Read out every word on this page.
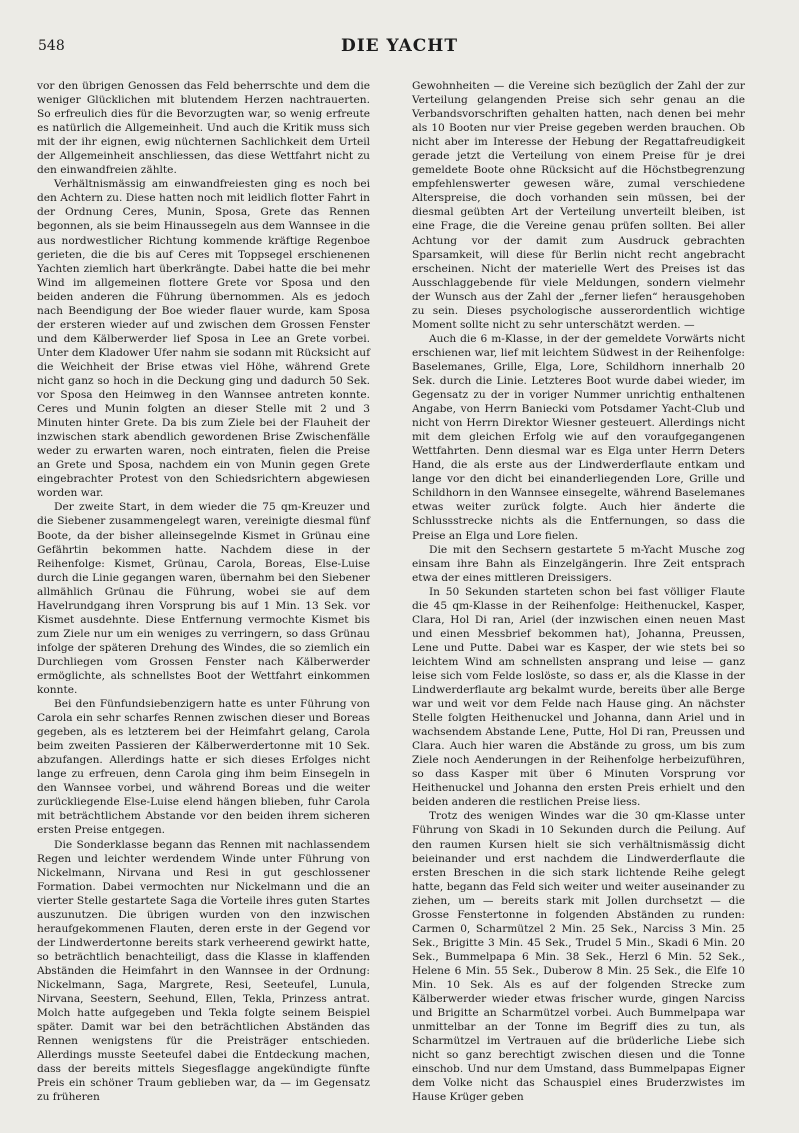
548	DIE YACHT

vor den übrigen Genossen das Feld beherrschte und dem die weniger Glücklichen mit blutendem Herzen nachtrauerten. So erfreulich dies für die Bevorzugten war, so wenig erfreute es natürlich die Allgemeinheit. Und auch die Kritik muss sich mit der ihr eignen, ewig nüchternen Sachlichkeit dem Urteil der Allgemeinheit anschliessen, das diese Wettfahrt nicht zu den einwandfreien zählte.

Verhältnismässig am einwandfreiesten ging es noch bei den Achtern zu. Diese hatten noch mit leidlich flotter Fahrt in der Ordnung Ceres, Munin, Sposa, Grete das Rennen begonnen, als sie beim Hinaussegeln aus dem Wannsee in die aus nordwestlicher Richtung kommende kräftige Regenboe gerieten, die die bis auf Ceres mit Toppsegel erschienenen Yachten ziemlich hart überkrängte. Dabei hatte die bei mehr Wind im allgemeinen flottere Grete vor Sposa und den beiden anderen die Führung übernommen. Als es jedoch nach Beendigung der Boe wieder flauer wurde, kam Sposa der ersteren wieder auf und zwischen dem Grossen Fenster und dem Kälberwerder lief Sposa in Lee an Grete vorbei. Unter dem Kladower Ufer nahm sie sodann mit Rücksicht auf die Weichheit der Brise etwas viel Höhe, während Grete nicht ganz so hoch in die Deckung ging und dadurch 50 Sek. vor Sposa den Heimweg in den Wannsee antreten konnte. Ceres und Munin folgten an dieser Stelle mit 2 und 3 Minuten hinter Grete. Da bis zum Ziele bei der Flauheit der inzwischen stark abendlich gewordenen Brise Zwischenfälle weder zu erwarten waren, noch eintraten, fielen die Preise an Grete und Sposa, nachdem ein von Munin gegen Grete eingebrachter Protest von den Schiedsrichtern abgewiesen worden war.

Der zweite Start, in dem wieder die 75 qm-Kreuzer und die Siebener zusammengelegt waren, vereinigte diesmal fünf Boote, da der bisher alleinsegelnde Kismet in Grünau eine Gefährtin bekommen hatte. Nachdem diese in der Reihenfolge: Kismet, Grünau, Carola, Boreas, Else-Luise durch die Linie gegangen waren, übernahm bei den Siebener allmählich Grünau die Führung, wobei sie auf dem Havelrundgang ihren Vorsprung bis auf 1 Min. 13 Sek. vor Kismet ausdehnte. Diese Entfernung vermochte Kismet bis zum Ziele nur um ein weniges zu verringern, so dass Grünau infolge der späteren Drehung des Windes, die so ziemlich ein Durchliegen vom Grossen Fenster nach Kälberwerder ermöglichte, als schnellstes Boot der Wettfahrt einkommen konnte.

Bei den Fünfundsiebenzigern hatte es unter Führung von Carola ein sehr scharfes Rennen zwischen dieser und Boreas gegeben, als es letzterem bei der Heimfahrt gelang, Carola beim zweiten Passieren der Kälberwerdertonne mit 10 Sek. abzufangen. Allerdings hatte er sich dieses Erfolges nicht lange zu erfreuen, denn Carola ging ihm beim Einsegeln in den Wannsee vorbei, und während Boreas und die weiter zurückliegende Else-Luise elend hängen blieben, fuhr Carola mit beträchtlichem Abstande vor den beiden ihrem sicheren ersten Preise entgegen.

Die Sonderklasse begann das Rennen mit nachlassendem Regen und leichter werdendem Winde unter Führung von Nickelmann, Nirvana und Resi in gut geschlossener Formation. Dabei vermochten nur Nickelmann und die an vierter Stelle gestartete Saga die Vorteile ihres guten Startes auszunutzen. Die übrigen wurden von den inzwischen heraufgekommenen Flauten, deren erste in der Gegend vor der Lindwerdertonne bereits stark verheerend gewirkt hatte, so beträchtlich benachteiligt, dass die Klasse in klaffenden Abständen die Heimfahrt in den Wannsee in der Ordnung: Nickelmann, Saga, Margrete, Resi, Seeteufel, Lunula, Nirvana, Seestern, Seehund, Ellen, Tekla, Prinzess antrat. Molch hatte aufgegeben und Tekla folgte seinem Beispiel später. Damit war bei den beträchtlichen Abständen das Rennen wenigstens für die Preisträger entschieden. Allerdings musste Seeteufel dabei die Entdeckung machen, dass der bereits mittels Siegesflagge angekündigte fünfte Preis ein schöner Traum geblieben war, da — im Gegensatz zu früheren

Gewohnheiten — die Vereine sich bezüglich der Zahl der zur Verteilung gelangenden Preise sich sehr genau an die Verbandsvorschriften gehalten hatten, nach denen bei mehr als 10 Booten nur vier Preise gegeben werden brauchen. Ob nicht aber im Interesse der Hebung der Regattafreudigkeit gerade jetzt die Verteilung von einem Preise für je drei gemeldete Boote ohne Rücksicht auf die Höchstbegrenzung empfehlenswerter gewesen wäre, zumal verschiedene Alterspreise, die doch vorhanden sein müssen, bei der diesmal geübten Art der Verteilung unverteilt bleiben, ist eine Frage, die die Vereine genau prüfen sollten. Bei aller Achtung vor der damit zum Ausdruck gebrachten Sparsamkeit, will diese für Berlin nicht recht angebracht erscheinen. Nicht der materielle Wert des Preises ist das Ausschlaggebende für viele Meldungen, sondern vielmehr der Wunsch aus der Zahl der „ferner liefen“ herausgehoben zu sein. Dieses psychologische ausserordentlich wichtige Moment sollte nicht zu sehr unterschätzt werden. —

Auch die 6 m-Klasse, in der der gemeldete Vorwärts nicht erschienen war, lief mit leichtem Südwest in der Reihenfolge: Baselemanes, Grille, Elga, Lore, Schildhorn innerhalb 20 Sek. durch die Linie. Letzteres Boot wurde dabei wieder, im Gegensatz zu der in voriger Nummer unrichtig enthaltenen Angabe, von Herrn Baniecki vom Potsdamer Yacht-Club und nicht von Herrn Direktor Wiesner gesteuert. Allerdings nicht mit dem gleichen Erfolg wie auf den voraufgegangenen Wettfahrten. Denn diesmal war es Elga unter Herrn Deters Hand, die als erste aus der Lindwerderflaute entkam und lange vor den dicht bei einanderliegenden Lore, Grille und Schildhorn in den Wannsee einsegelte, während Baselemanes etwas weiter zurück folgte. Auch hier änderte die Schlussstrecke nichts als die Entfernungen, so dass die Preise an Elga und Lore fielen.

Die mit den Sechsern gestartete 5 m-Yacht Musche zog einsam ihre Bahn als Einzelgängerin. Ihre Zeit entsprach etwa der eines mittleren Dreissigers.

In 50 Sekunden starteten schon bei fast völliger Flaute die 45 qm-Klasse in der Reihenfolge: Heithenuckel, Kasper, Clara, Hol Di ran, Ariel (der inzwischen einen neuen Mast und einen Messbrief bekommen hat), Johanna, Preussen, Lene und Putte. Dabei war es Kasper, der wie stets bei so leichtem Wind am schnellsten ansprang und leise — ganz leise sich vom Felde loslöste, so dass er, als die Klasse in der Lindwerderflaute arg bekalmt wurde, bereits über alle Berge war und weit vor dem Felde nach Hause ging. An nächster Stelle folgten Heithenuckel und Johanna, dann Ariel und in wachsendem Abstande Lene, Putte, Hol Di ran, Preussen und Clara. Auch hier waren die Abstände zu gross, um bis zum Ziele noch Aenderungen in der Reihenfolge herbeizuführen, so dass Kasper mit über 6 Minuten Vorsprung vor Heithenuckel und Johanna den ersten Preis erhielt und den beiden anderen die restlichen Preise liess.

Trotz des wenigen Windes war die 30 qm-Klasse unter Führung von Skadi in 10 Sekunden durch die Peilung. Auf den raumen Kursen hielt sie sich verhältnismässig dicht beieinander und erst nachdem die Lindwerderflaute die ersten Breschen in die sich stark lichtende Reihe gelegt hatte, begann das Feld sich weiter und weiter auseinander zu ziehen, um — bereits stark mit Jollen durchsetzt — die Grosse Fenstertonne in folgenden Abständen zu runden: Carmen 0, Scharmützel 2 Min. 25 Sek., Narciss 3 Min. 25 Sek., Brigitte 3 Min. 45 Sek., Trudel 5 Min., Skadi 6 Min. 20 Sek., Bummelpapa 6 Min. 38 Sek., Herzl 6 Min. 52 Sek., Helene 6 Min. 55 Sek., Duberow 8 Min. 25 Sek., die Elfe 10 Min. 10 Sek. Als es auf der folgenden Strecke zum Kälberwerder wieder etwas frischer wurde, gingen Narciss und Brigitte an Scharmützel vorbei. Auch Bummelpapa war unmittelbar an der Tonne im Begriff dies zu tun, als Scharmützel im Vertrauen auf die brüderliche Liebe sich nicht so ganz berechtigt zwischen diesen und die Tonne einschob. Und nur dem Umstand, dass Bummelpapas Eigner dem Volke nicht das Schauspiel eines Bruderzwistes im Hause Krüger geben
